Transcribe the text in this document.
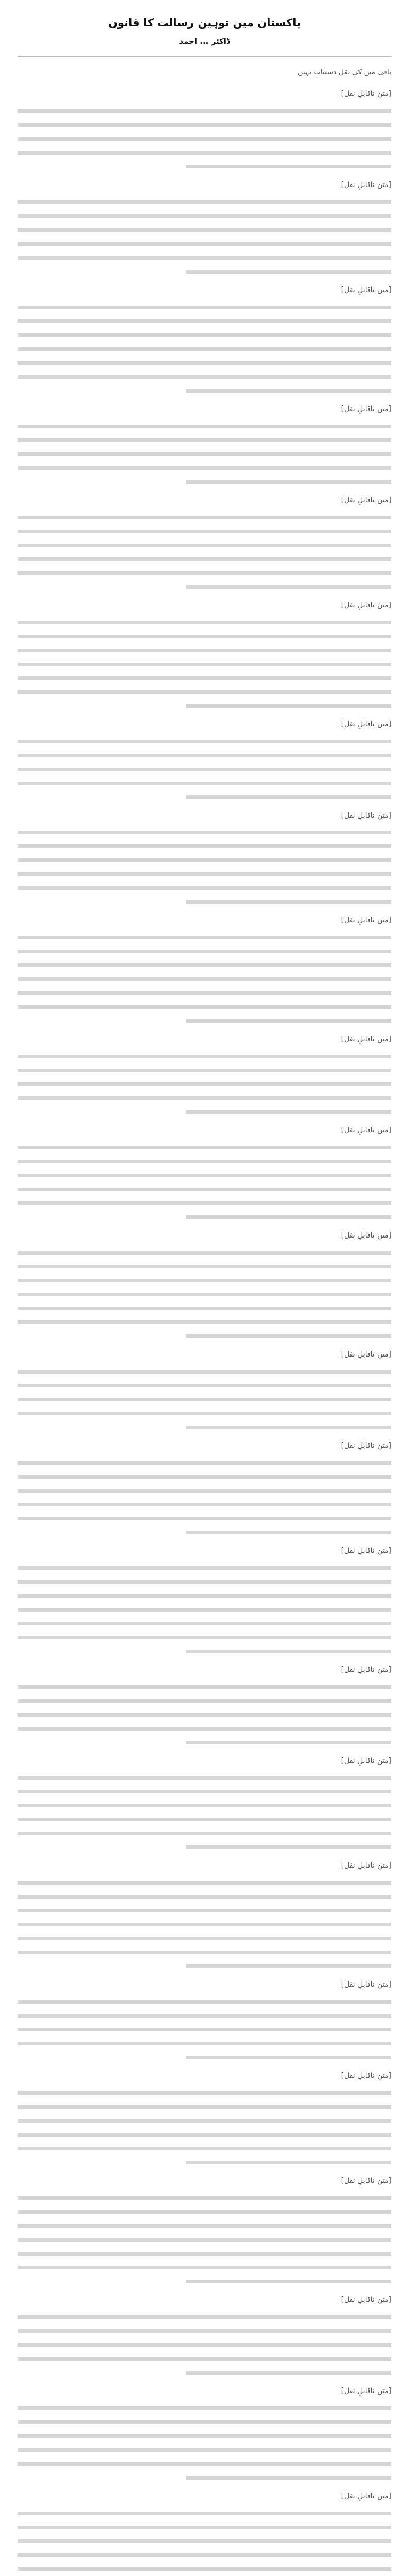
پاکستان میں توہین رسالت کا قانون
ڈاکٹر ... احمد
باقی متن کی نقل دستیاب نہیں
[متن ناقابلِ نقل]
[متن ناقابلِ نقل]
[متن ناقابلِ نقل]
[متن ناقابلِ نقل]
[متن ناقابلِ نقل]
[متن ناقابلِ نقل]
[متن ناقابلِ نقل]
[متن ناقابلِ نقل]
[متن ناقابلِ نقل]
[متن ناقابلِ نقل]
[متن ناقابلِ نقل]
[متن ناقابلِ نقل]
[متن ناقابلِ نقل]
[متن ناقابلِ نقل]
[متن ناقابلِ نقل]
[متن ناقابلِ نقل]
[متن ناقابلِ نقل]
[متن ناقابلِ نقل]
[متن ناقابلِ نقل]
[متن ناقابلِ نقل]
[متن ناقابلِ نقل]
[متن ناقابلِ نقل]
[متن ناقابلِ نقل]
[متن ناقابلِ نقل]
